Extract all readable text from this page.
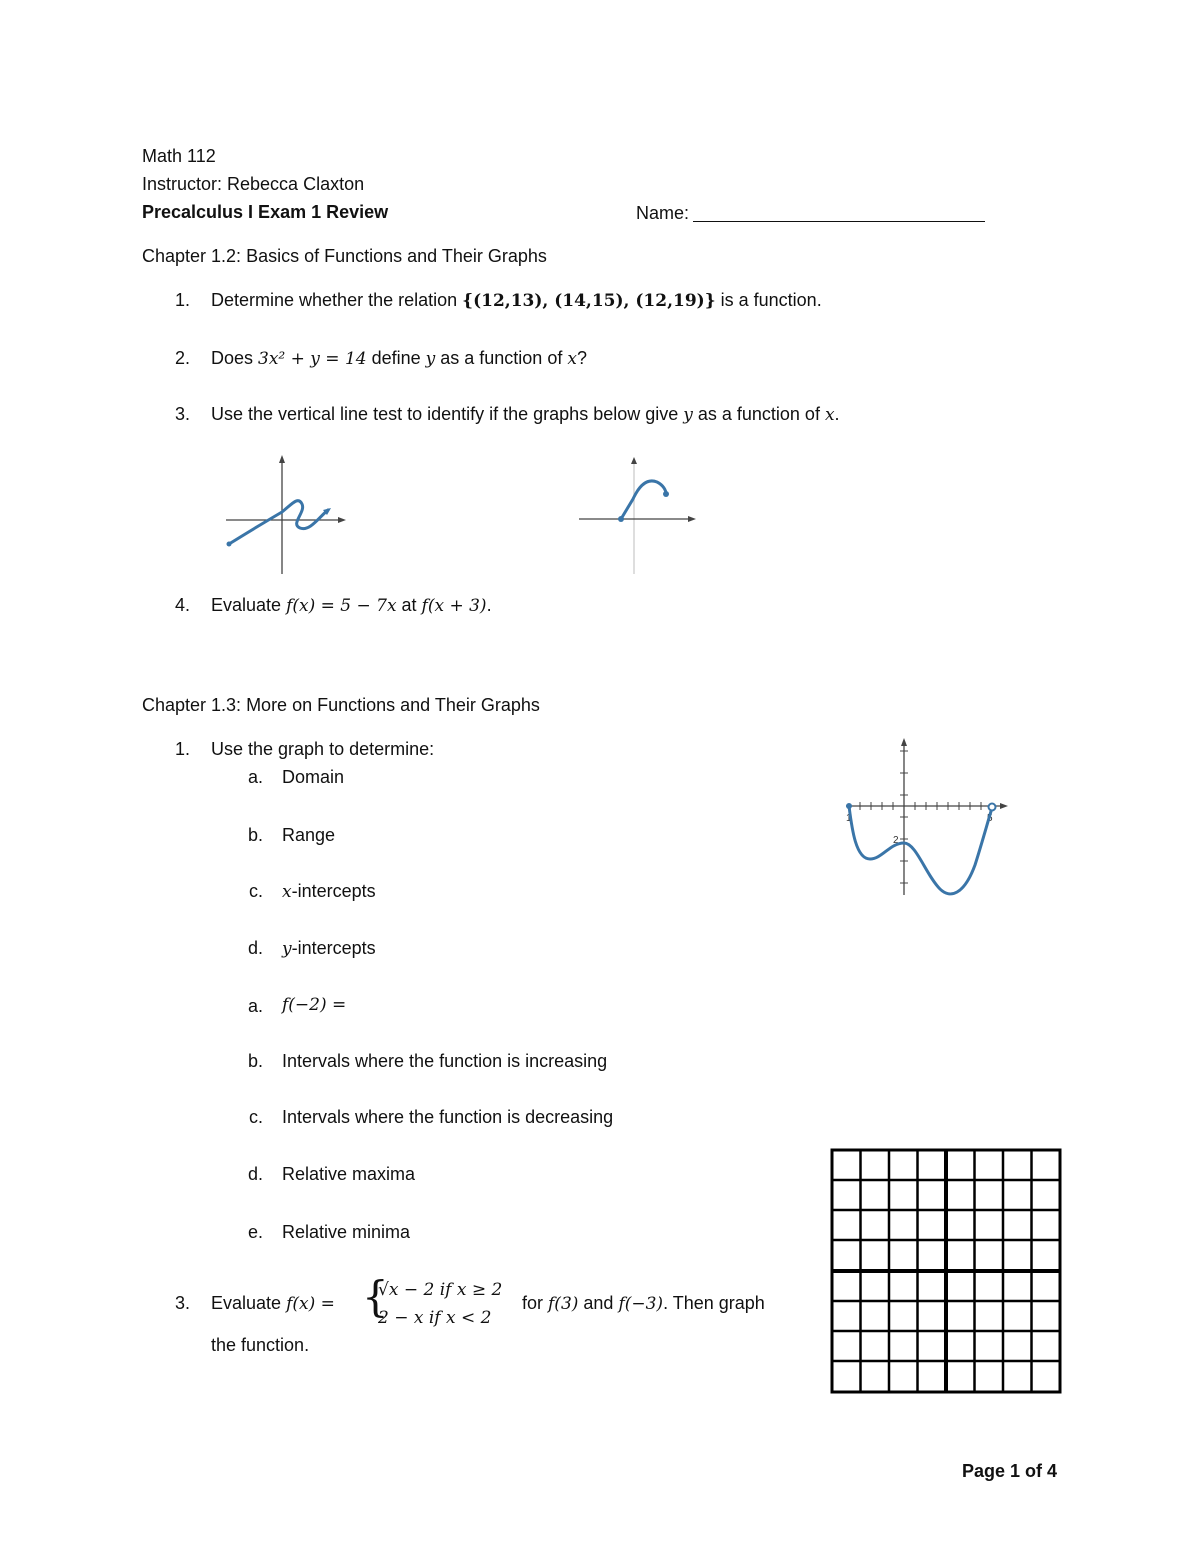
Math 112
Instructor: Rebecca Claxton
Precalculus I Exam 1 Review	Name:
Chapter 1.2: Basics of Functions and Their Graphs
1. Determine whether the relation {(12,13), (14,15), (12,19)} is a function.
2. Does 3x² + y = 14 define y as a function of x?
3. Use the vertical line test to identify if the graphs below give y as a function of x.
4. Evaluate f(x) = 5 − 7x at f(x + 3).
Chapter 1.3: More on Functions and Their Graphs
1. Use the graph to determine:
a. Domain
b. Range
c. x-intercepts
d. y-intercepts
a. f(−2) =
b. Intervals where the function is increasing
c. Intervals where the function is decreasing
d. Relative maxima
e. Relative minima
1	5
2
3. Evaluate f(x) = {
√x − 2 if x ≥ 2
2 − x if x < 2
for f(3) and f(−3). Then graph
the function.
Page 1 of 4
